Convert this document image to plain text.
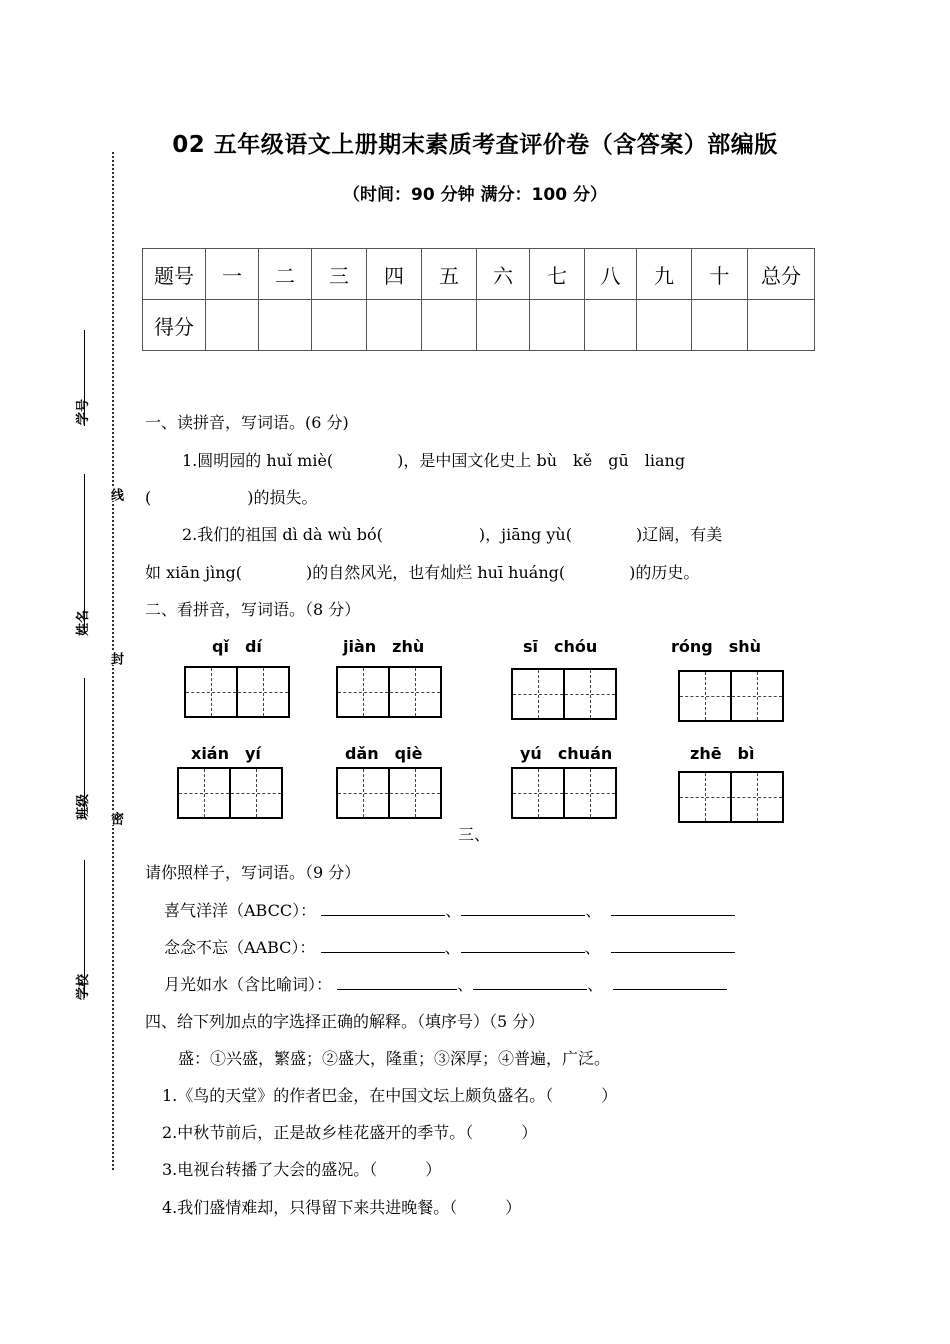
02 五年级语文上册期末素质考查评价卷（含答案）部编版
（时间：90 分钟 满分：100 分）
题号	一	二	三	四	五	六	七	八	九	十	总分
得分											
线
封
密
学号
姓名
班级
学校
一、读拼音，写词语。(6 分)
1.圆明园的 huǐ miè(　　　　)，是中国文化史上 bù　kě　gū　liang
(　　　　　　)的损失。
2.我们的祖国 dì dà wù bó(　　　　　　)，jiāng yù(　　　　)辽阔，有美
如 xiān jìng(　　　　)的自然风光，也有灿烂 huī huáng(　　　　)的历史。
二、看拼音，写词语。（8 分）
qǐ　dí	jiàn　zhù	sī　chóu	róng　shù
xián　yí	dǎn　qiè	yú　chuán	zhē　bì
三、
请你照样子，写词语。（9 分）
喜气洋洋（ABCC）：	、	、
念念不忘（AABC）：	、	、
月光如水（含比喻词）：	、	、
四、给下列加点的字选择正确的解释。（填序号）（5 分）
盛：①兴盛，繁盛；②盛大，隆重；③深厚；④普遍，广泛。
1.《鸟的天堂》的作者巴金，在中国文坛上颇负盛名。（　　　）
2.中秋节前后，正是故乡桂花盛开的季节。（　　　）
3.电视台转播了大会的盛况。（　　　）
4.我们盛情难却，只得留下来共进晚餐。（　　　）
